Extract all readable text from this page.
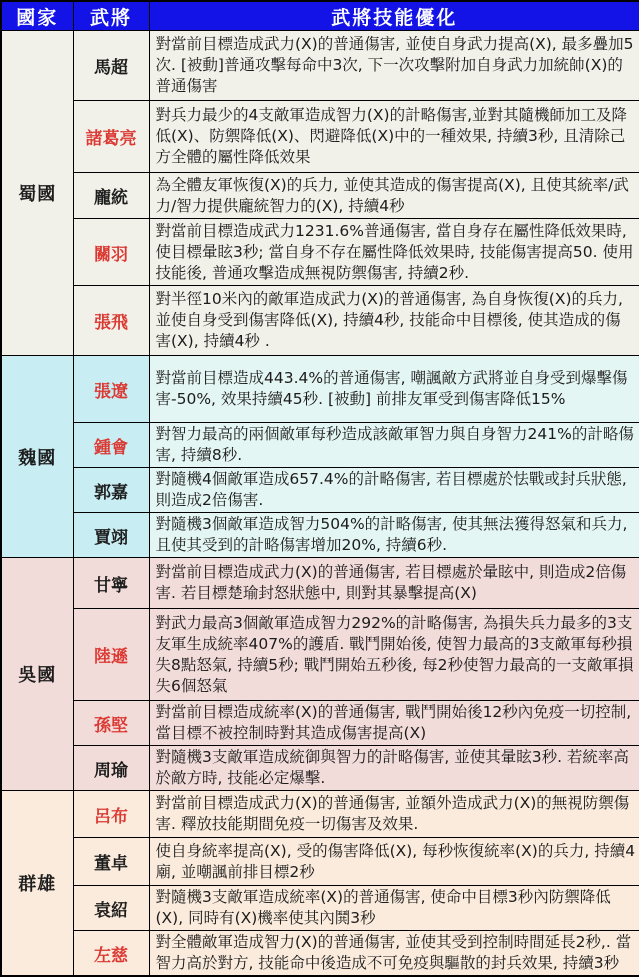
國家	武將	武將技能優化
蜀國	馬超	對當前目標造成武力(X)的普通傷害, 並使自身武力提高(X), 最多疊加5次. [被動]普通攻擊每命中3次, 下一次攻擊附加自身武力加統帥(X)的普通傷害
	諸葛亮	對兵力最少的4支敵軍造成智力(X)的計略傷害,並對其隨機師加工及降低(X)、防禦降低(X)、閃避降低(X)中的一種效果, 持續3秒, 且清除己方全體的屬性降低效果
	龐統	為全體友軍恢復(X)的兵力, 並使其造成的傷害提高(X), 且使其統率/武力/智力提供龐統智力的(X), 持續4秒
	關羽	對當前目標造成武力1231.6%普通傷害, 當自身存在屬性降低效果時, 使目標暈眩3秒; 當自身不存在屬性降低效果時, 技能傷害提高50. 使用技能後, 普通攻擊造成無視防禦傷害, 持續2秒.
	張飛	對半徑10米內的敵軍造成武力(X)的普通傷害, 為自身恢復(X)的兵力, 並使自身受到傷害降低(X), 持續4秒, 技能命中目標後, 使其造成的傷害(X), 持續4秒 .
魏國	張遼	對當前目標造成443.4%的普通傷害, 嘲諷敵方武將並自身受到爆擊傷害-50%, 效果持續45秒. [被動] 前排友軍受到傷害降低15%
	鍾會	對智力最高的兩個敵軍每秒造成該敵軍智力與自身智力241%的計略傷害, 持續8秒.
	郭嘉	對隨機4個敵軍造成657.4%的計略傷害, 若目標處於怯戰或封兵狀態, 則造成2倍傷害.
	賈翊	對隨機3個敵軍造成智力504%的計略傷害, 使其無法獲得怒氣和兵力, 且使其受到的計略傷害增加20%, 持續6秒.
吳國	甘寧	對當前目標造成武力(X)的普通傷害, 若目標處於暈眩中, 則造成2倍傷害. 若目標楚瑜封怒狀態中, 則對其暴擊提高(X)
	陸遜	對武力最高3個敵軍造成智力292%的計略傷害, 為損失兵力最多的3支友軍生成統率407%的護盾. 戰鬥開始後, 使智力最高的3支敵軍每秒損失8點怒氣, 持續5秒; 戰鬥開始五秒後, 每2秒使智力最高的一支敵軍損失6個怒氣
	孫堅	對當前目標造成統率(X)的普通傷害, 戰鬥開始後12秒內免疫一切控制, 當目標不被控制時對其造成傷害提高(X)
	周瑜	對隨機3支敵軍造成統御與智力的計略傷害, 並使其暈眩3秒. 若統率高於敵方時, 技能必定爆擊.
群雄	呂布	對當前目標造成武力(X)的普通傷害, 並額外造成武力(X)的無視防禦傷害. 釋放技能期間免疫一切傷害及效果.
	董卓	使自身統率提高(X), 受的傷害降低(X), 每秒恢復統率(X)的兵力, 持續4廟, 並嘲諷前排目標2秒
	袁紹	對隨機3支敵軍造成統率(X)的普通傷害, 使命中目標3秒內防禦降低(X), 同時有(X)機率使其內鬨3秒
	左慈	對全體敵軍造成智力(X)的普通傷害, 並使其受到控制時間延長2秒,. 當智力高於對方, 技能命中後造成不可免疫與驅散的封兵效果, 持續3秒
